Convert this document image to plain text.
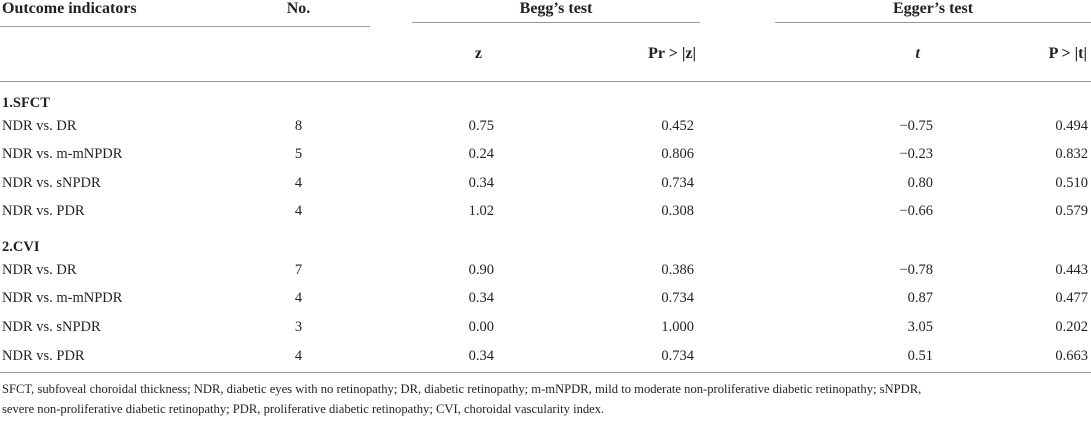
Outcome indicators	No.	Begg’s test		Egger’s test	

		z	Pr > |z|	t	P > |t|
1.SFCT					
NDR vs. DR	8	0.75	0.452	−0.75	0.494
NDR vs. m-mNPDR	5	0.24	0.806	−0.23	0.832
NDR vs. sNPDR	4	0.34	0.734	0.80	0.510
NDR vs. PDR	4	1.02	0.308	−0.66	0.579
2.CVI					
NDR vs. DR	7	0.90	0.386	−0.78	0.443
NDR vs. m-mNPDR	4	0.34	0.734	0.87	0.477
NDR vs. sNPDR	3	0.00	1.000	3.05	0.202
NDR vs. PDR	4	0.34	0.734	0.51	0.663
SFCT, subfoveal choroidal thickness; NDR, diabetic eyes with no retinopathy; DR, diabetic retinopathy; m-mNPDR, mild to moderate non-proliferative diabetic retinopathy; sNPDR,
severe non-proliferative diabetic retinopathy; PDR, proliferative diabetic retinopathy; CVI, choroidal vascularity index.
